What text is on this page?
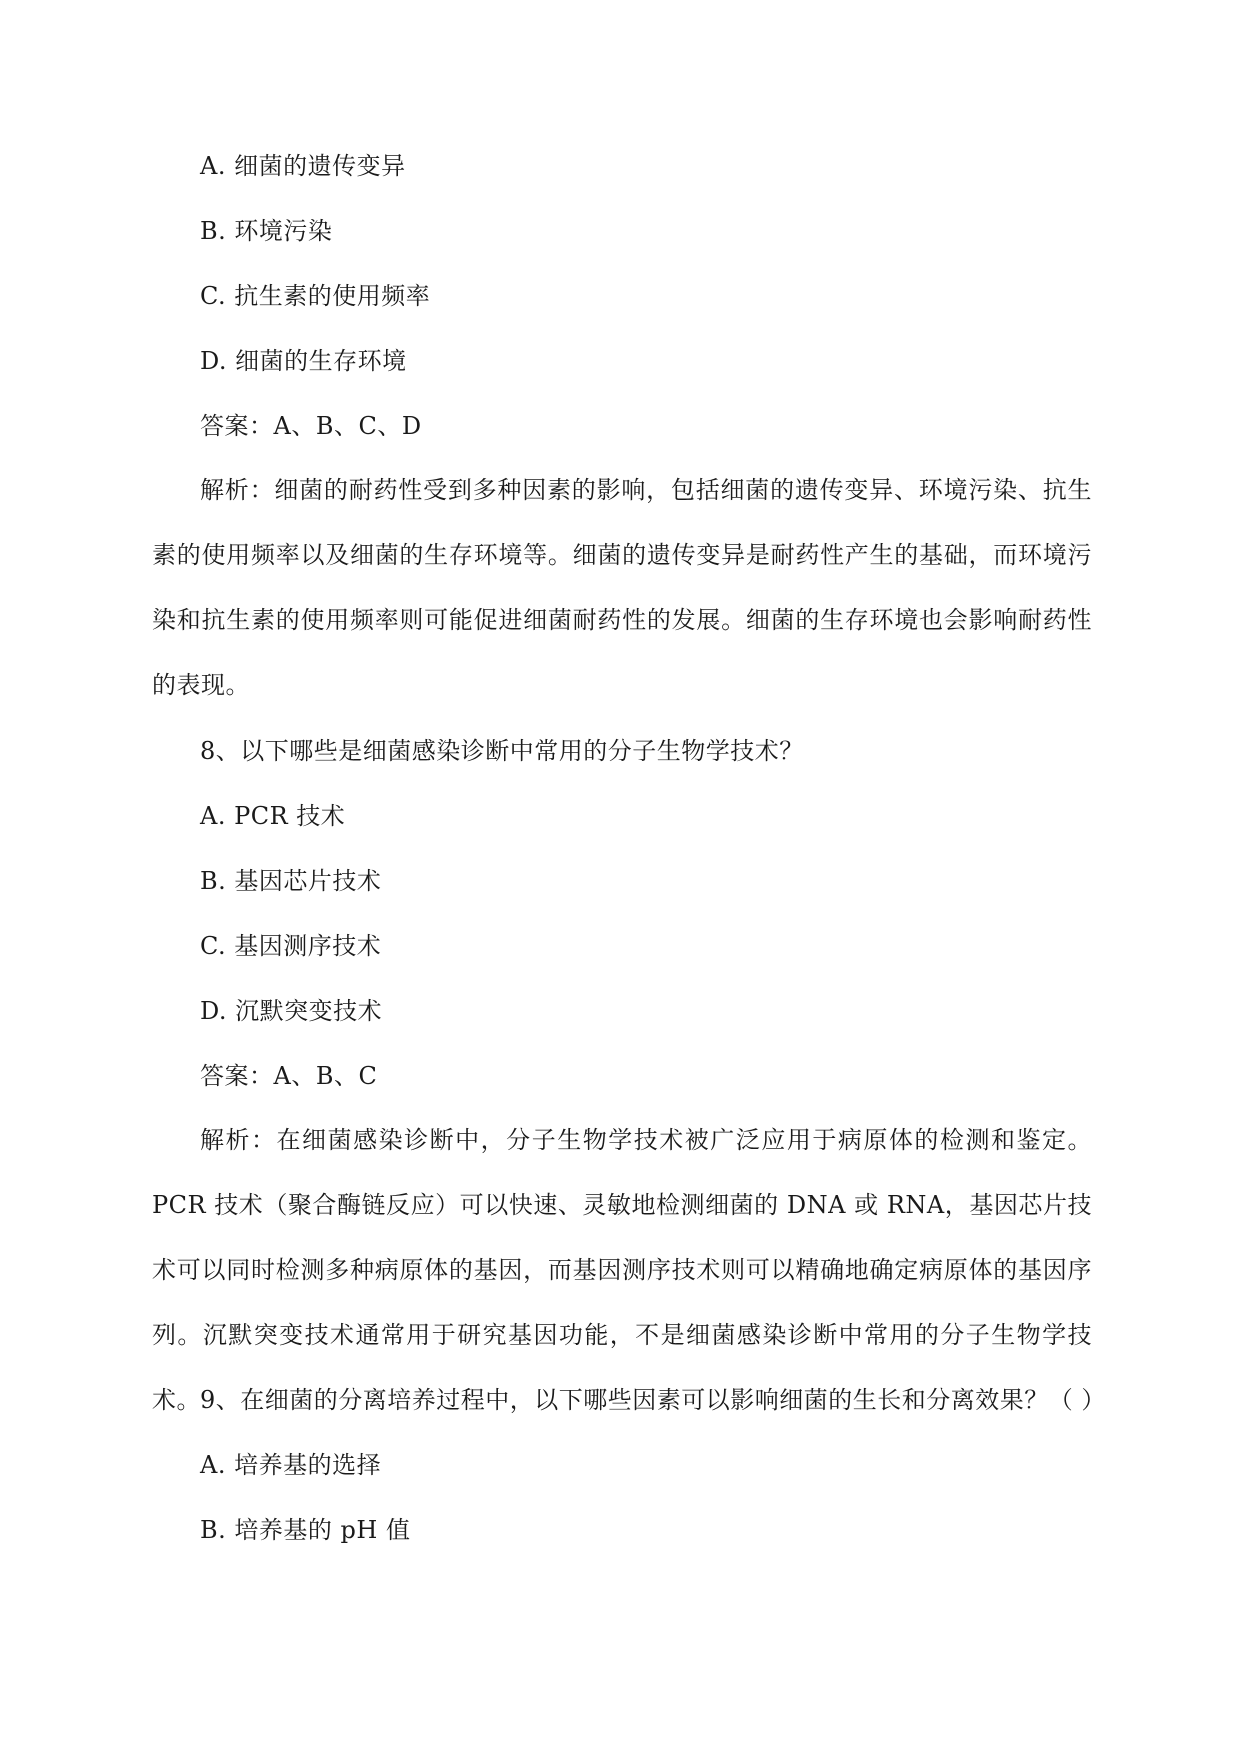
A. 细菌的遗传变异
B. 环境污染
C. 抗生素的使用频率
D. 细菌的生存环境
答案：A、B、C、D
解析：细菌的耐药性受到多种因素的影响，包括细菌的遗传变异、环境污染、抗生素的使用频率以及细菌的生存环境等。细菌的遗传变异是耐药性产生的基础，而环境污染和抗生素的使用频率则可能促进细菌耐药性的发展。细菌的生存环境也会影响耐药性的表现。
8、以下哪些是细菌感染诊断中常用的分子生物学技术？
A. PCR 技术
B. 基因芯片技术
C. 基因测序技术
D. 沉默突变技术
答案：A、B、C
解析：在细菌感染诊断中，分子生物学技术被广泛应用于病原体的检测和鉴定。PCR 技术（聚合酶链反应）可以快速、灵敏地检测细菌的 DNA 或 RNA，基因芯片技术可以同时检测多种病原体的基因，而基因测序技术则可以精确地确定病原体的基因序列。沉默突变技术通常用于研究基因功能，不是细菌感染诊断中常用的分子生物学技术。 9、在细菌的分离培养过程中，以下哪些因素可以影响细菌的生长和分离效果？（ ）
A. 培养基的选择
B. 培养基的 pH 值
